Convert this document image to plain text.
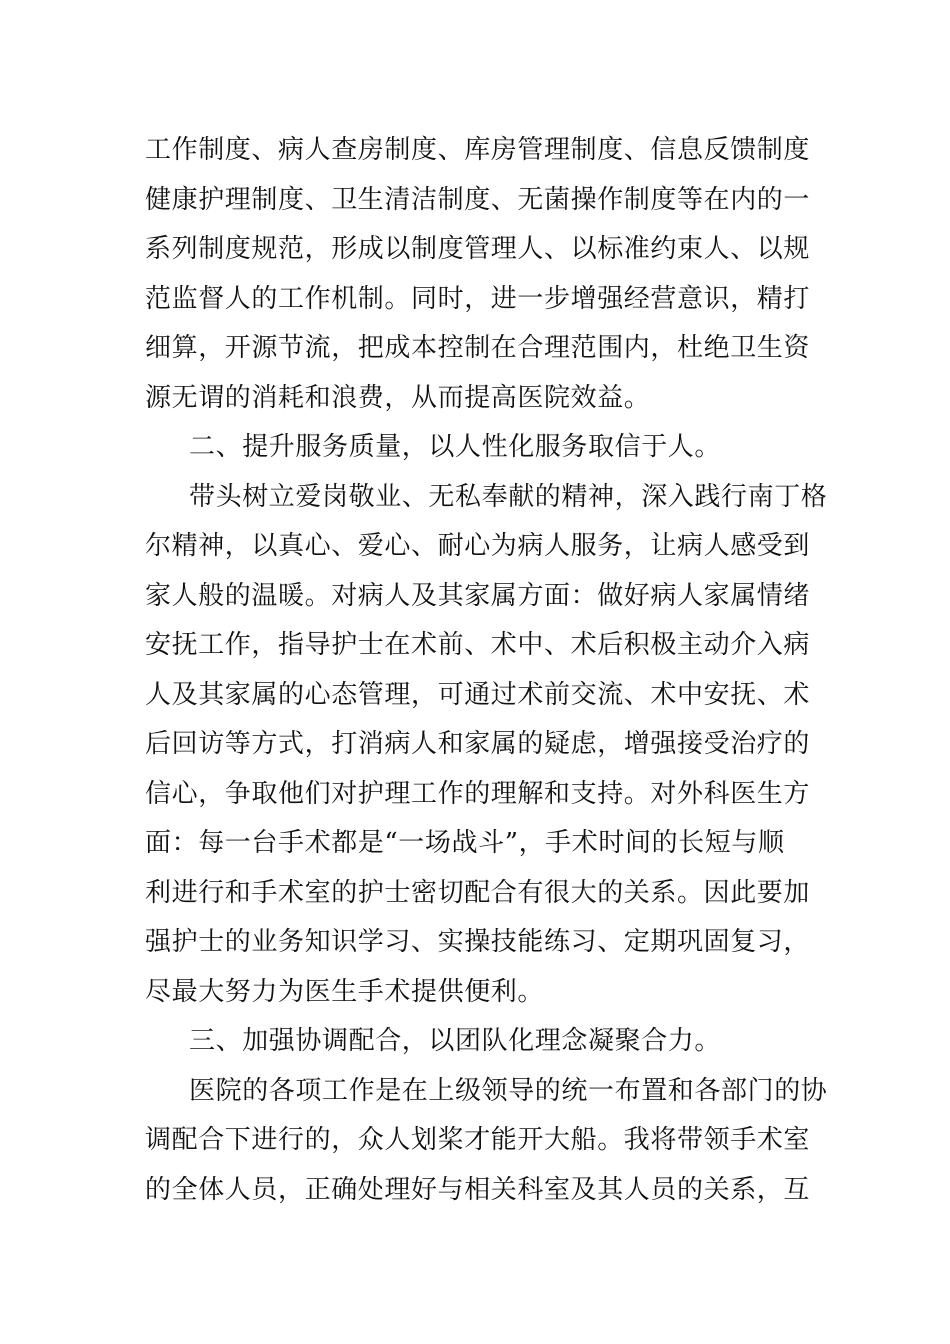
工作制度、病人查房制度、库房管理制度、信息反馈制度
健康护理制度、卫生清洁制度、无菌操作制度等在内的一
系列制度规范，形成以制度管理人、以标准约束人、以规
范监督人的工作机制。同时，进一步增强经营意识，精打
细算，开源节流，把成本控制在合理范围内，杜绝卫生资
源无谓的消耗和浪费，从而提高医院效益。
二、提升服务质量，以人性化服务取信于人。
带头树立爱岗敬业、无私奉献的精神，深入践行南丁格
尔精神，以真心、爱心、耐心为病人服务，让病人感受到
家人般的温暖。对病人及其家属方面：做好病人家属情绪
安抚工作，指导护士在术前、术中、术后积极主动介入病
人及其家属的心态管理，可通过术前交流、术中安抚、术
后回访等方式，打消病人和家属的疑虑，增强接受治疗的
信心，争取他们对护理工作的理解和支持。对外科医生方
面：每一台手术都是“一场战斗”，手术时间的长短与顺
利进行和手术室的护士密切配合有很大的关系。因此要加
强护士的业务知识学习、实操技能练习、定期巩固复习，
尽最大努力为医生手术提供便利。
三、加强协调配合，以团队化理念凝聚合力。
医院的各项工作是在上级领导的统一布置和各部门的协
调配合下进行的，众人划桨才能开大船。我将带领手术室
的全体人员，正确处理好与相关科室及其人员的关系，互
